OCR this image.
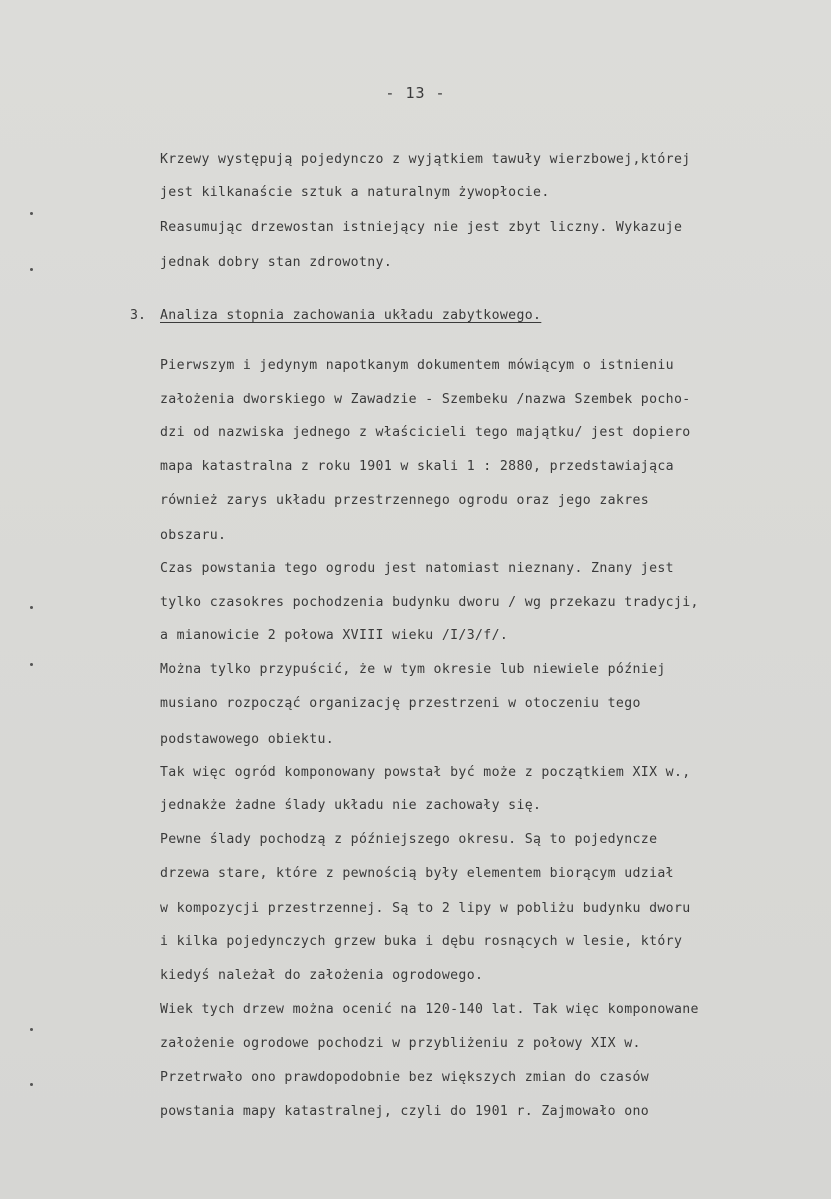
- 13 -
Krzewy występują pojedynczo z wyjątkiem tawuły wierzbowej,której
jest kilkanaście sztuk a naturalnym żywopłocie.
Reasumując drzewostan istniejący nie jest zbyt liczny. Wykazuje
jednak dobry stan zdrowotny.
3. Analiza stopnia zachowania układu zabytkowego.
Pierwszym i jedynym napotkanym dokumentem mówiącym o istnieniu
założenia dworskiego w Zawadzie - Szembeku /nazwa Szembek pocho-
dzi od nazwiska jednego z właścicieli tego majątku/ jest dopiero
mapa katastralna z roku 1901 w skali 1 : 2880, przedstawiająca
również zarys układu przestrzennego ogrodu oraz jego zakres
obszaru.
Czas powstania tego ogrodu jest natomiast nieznany. Znany jest
tylko czasokres pochodzenia budynku dworu / wg przekazu tradycji,
a mianowicie 2 połowa XVIII wieku /I/3/f/.
Można tylko przypuścić, że w tym okresie lub niewiele później
musiano rozpocząć organizację przestrzeni w otoczeniu tego
podstawowego obiektu.
Tak więc ogród komponowany powstał być może z początkiem XIX w.,
jednakże żadne ślady układu nie zachowały się.
Pewne ślady pochodzą z późniejszego okresu. Są to pojedyncze
drzewa stare, które z pewnością były elementem biorącym udział
w kompozycji przestrzennej. Są to 2 lipy w pobliżu budynku dworu
i kilka pojedynczych grzew buka i dębu rosnących w lesie, który
kiedyś należał do założenia ogrodowego.
Wiek tych drzew można ocenić na 120-140 lat. Tak więc komponowane
założenie ogrodowe pochodzi w przybliżeniu z połowy XIX w.
Przetrwało ono prawdopodobnie bez większych zmian do czasów
powstania mapy katastralnej, czyli do 1901 r. Zajmowało ono
